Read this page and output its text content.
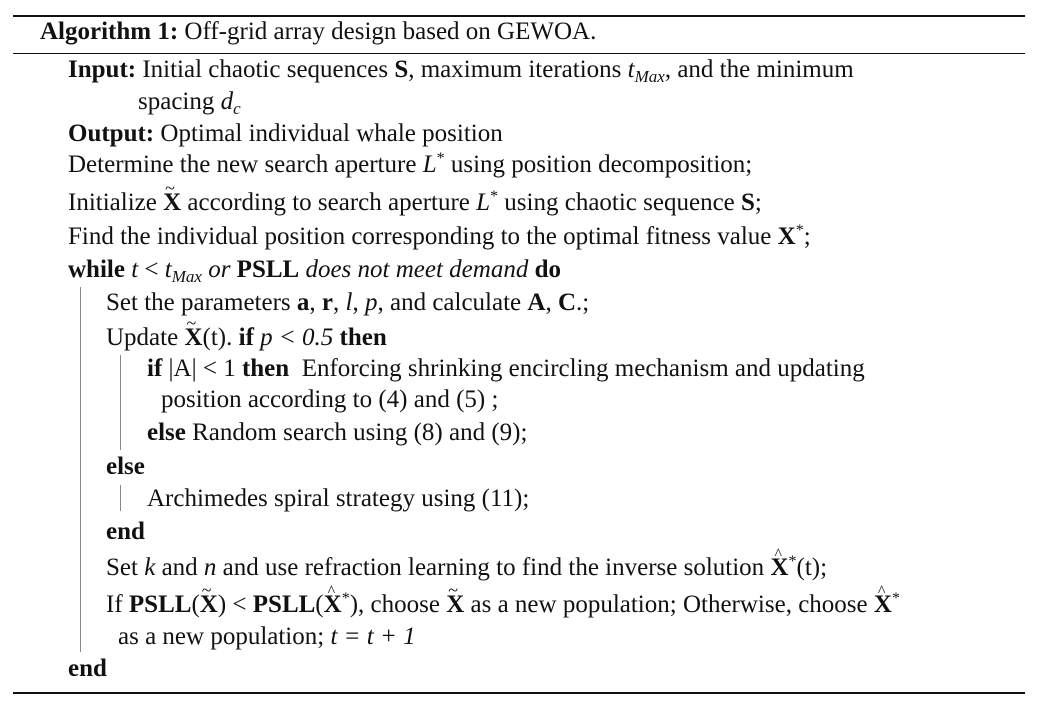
Algorithm 1: Off-grid array design based on GEWOA.
Input: Initial chaotic sequences S, maximum iterations $t_{Max}$, and the minimum
spacing $d_c$
Output: Optimal individual whale position
Determine the new search aperture L* using position decomposition;
Initialize ~ X according to search aperture L* using chaotic sequence S;
Find the individual position corresponding to the optimal fitness value X*;
while $t < t_{Max}$ or PSLL does not meet demand do
Set the parameters a, r, l, p, and calculate A, C.;
Update ~ X(t). if p < 0.5 then
if |A| < 1 then Enforcing shrinking encircling mechanism and updating
position according to (4) and (5) ;
else Random search using (8) and (9);
else
Archimedes spiral strategy using (11);
end
Set k and n and use refraction learning to find the inverse solution ^ X*(t);
If PSLL(~ X) < PSLL(^ X*), choose ~ X as a new population; Otherwise, choose ^ X*
as a new population; t = t + 1
end
